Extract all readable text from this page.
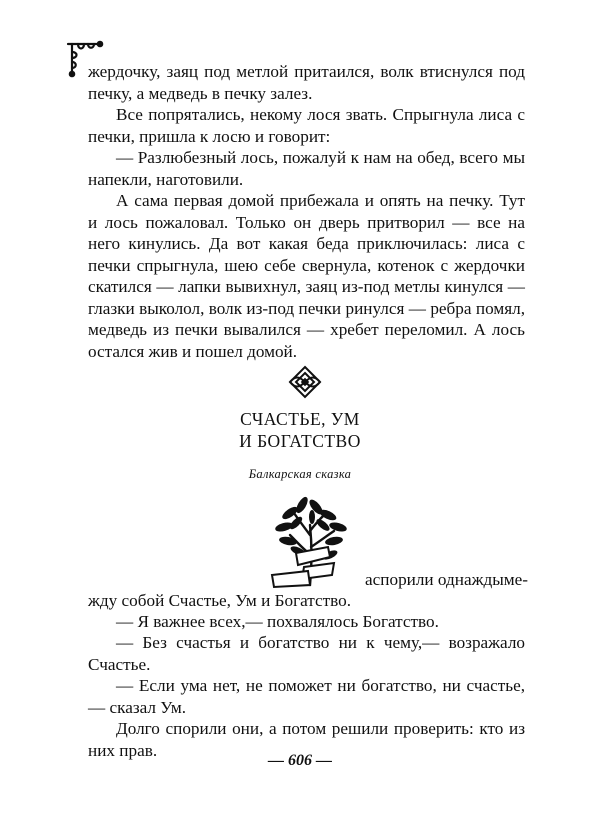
жердочку, заяц под метлой притаился, волк втиснулся под печку, а медведь в печку залез.

Все попрятались, некому лося звать. Спрыгнула лиса с печки, пришла к лосю и говорит:

— Разлюбезный лось, пожалуй к нам на обед, всего мы напекли, наготовили.

А сама первая домой прибежала и опять на печку. Тут и лось пожаловал. Только он дверь притворил — все на него кинулись. Да вот какая беда приключилась: лиса с печки спрыгнула, шею себе свернула, котенок с жердочки скатился — лапки вывихнул, заяц из-под метлы кинулся — глазки выколол, волк из-под печки ринулся — ребра помял, медведь из печки вывалился — хребет переломил. А лось остался жив и пошел домой.

СЧАСТЬЕ, УМ
И БОГАТСТВО
Балкарская сказка
аспорили однаждыме-

жду собой Счастье, Ум и Богатство.

— Я важнее всех,— похвалялось Богатство.

— Без счастья и богатство ни к чему,— возражало Счастье.

— Если ума нет, не поможет ни богатство, ни счастье,— сказал Ум.

Долго спорили они, а потом решили проверить: кто из них прав.

— 606 —
